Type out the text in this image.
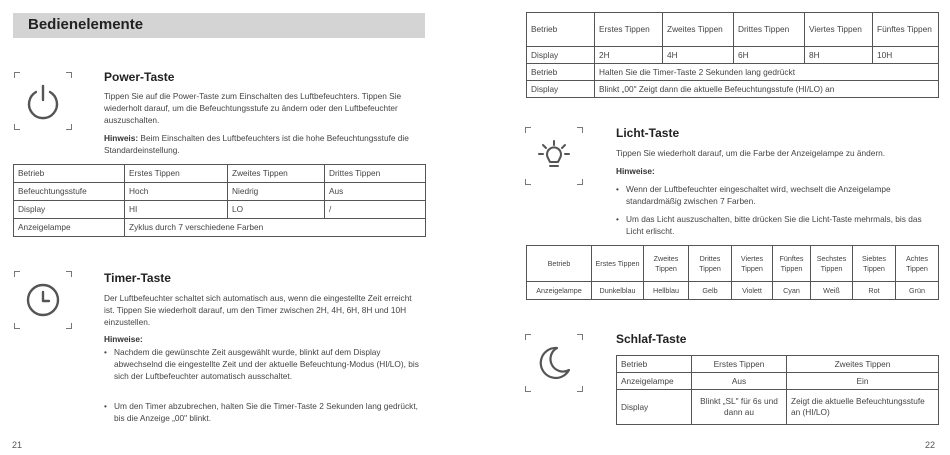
Bedienelemente
Power-Taste
Tippen Sie auf die Power-Taste zum Einschalten des Luftbefeuchters. Tippen Sie wiederholt darauf, um die Befeuchtungsstufe zu ändern oder den Luftbefeuchter auszuschalten.
Hinweis: Beim Einschalten des Luftbefeuchters ist die hohe Befeuchtungsstufe die Standardeinstellung.
Betrieb	Erstes Tippen	Zweites Tippen	Drittes Tippen
Befeuchtungsstufe	Hoch	Niedrig	Aus
Display	HI	LO	/
Anzeigelampe	Zyklus durch 7 verschiedene Farben		
Timer-Taste
Der Luftbefeuchter schaltet sich automatisch aus, wenn die eingestellte Zeit erreicht ist. Tippen Sie wiederholt darauf, um den Timer zwischen 2H, 4H, 6H, 8H und 10H einzustellen.
Hinweise:
• Nachdem die gewünschte Zeit ausgewählt wurde, blinkt auf dem Display abwechselnd die eingestellte Zeit und der aktuelle Befeuchtung-Modus (HI/LO), bis sich der Luftbefeuchter automatisch ausschaltet.
• Um den Timer abzubrechen, halten Sie die Timer-Taste 2 Sekunden lang gedrückt, bis die Anzeige „00" blinkt.
21
Betrieb	Erstes Tippen	Zweites Tippen	Drittes Tippen	Viertes Tippen	Fünftes Tippen
Display	2H	4H	6H	8H	10H
Betrieb	Halten Sie die Timer-Taste 2 Sekunden lang gedrückt				
Display	Blinkt „00" Zeigt dann die aktuelle Befeuchtungsstufe (HI/LO) an				
Licht-Taste
Tippen Sie wiederholt darauf, um die Farbe der Anzeigelampe zu ändern.
Hinweise:
• Wenn der Luftbefeuchter eingeschaltet wird, wechselt die Anzeigelampe standardmäßig zwischen 7 Farben.
• Um das Licht auszuschalten, bitte drücken Sie die Licht-Taste mehrmals, bis das Licht erlischt.
Betrieb	Erstes Tippen	Zweites Tippen	Drittes Tippen	Viertes Tippen	Fünftes Tippen	Sechstes Tippen	Siebtes Tippen	Achtes Tippen
Anzeigelampe	Dunkelblau	Hellblau	Gelb	Violett	Cyan	Weiß	Rot	Grün
Schlaf-Taste
Betrieb	Erstes Tippen	Zweites Tippen
Anzeigelampe	Aus	Ein
Display	Blinkt „SL" für 6s und dann au	Zeigt die aktuelle Befeuchtungsstufe an (HI/LO)
22
